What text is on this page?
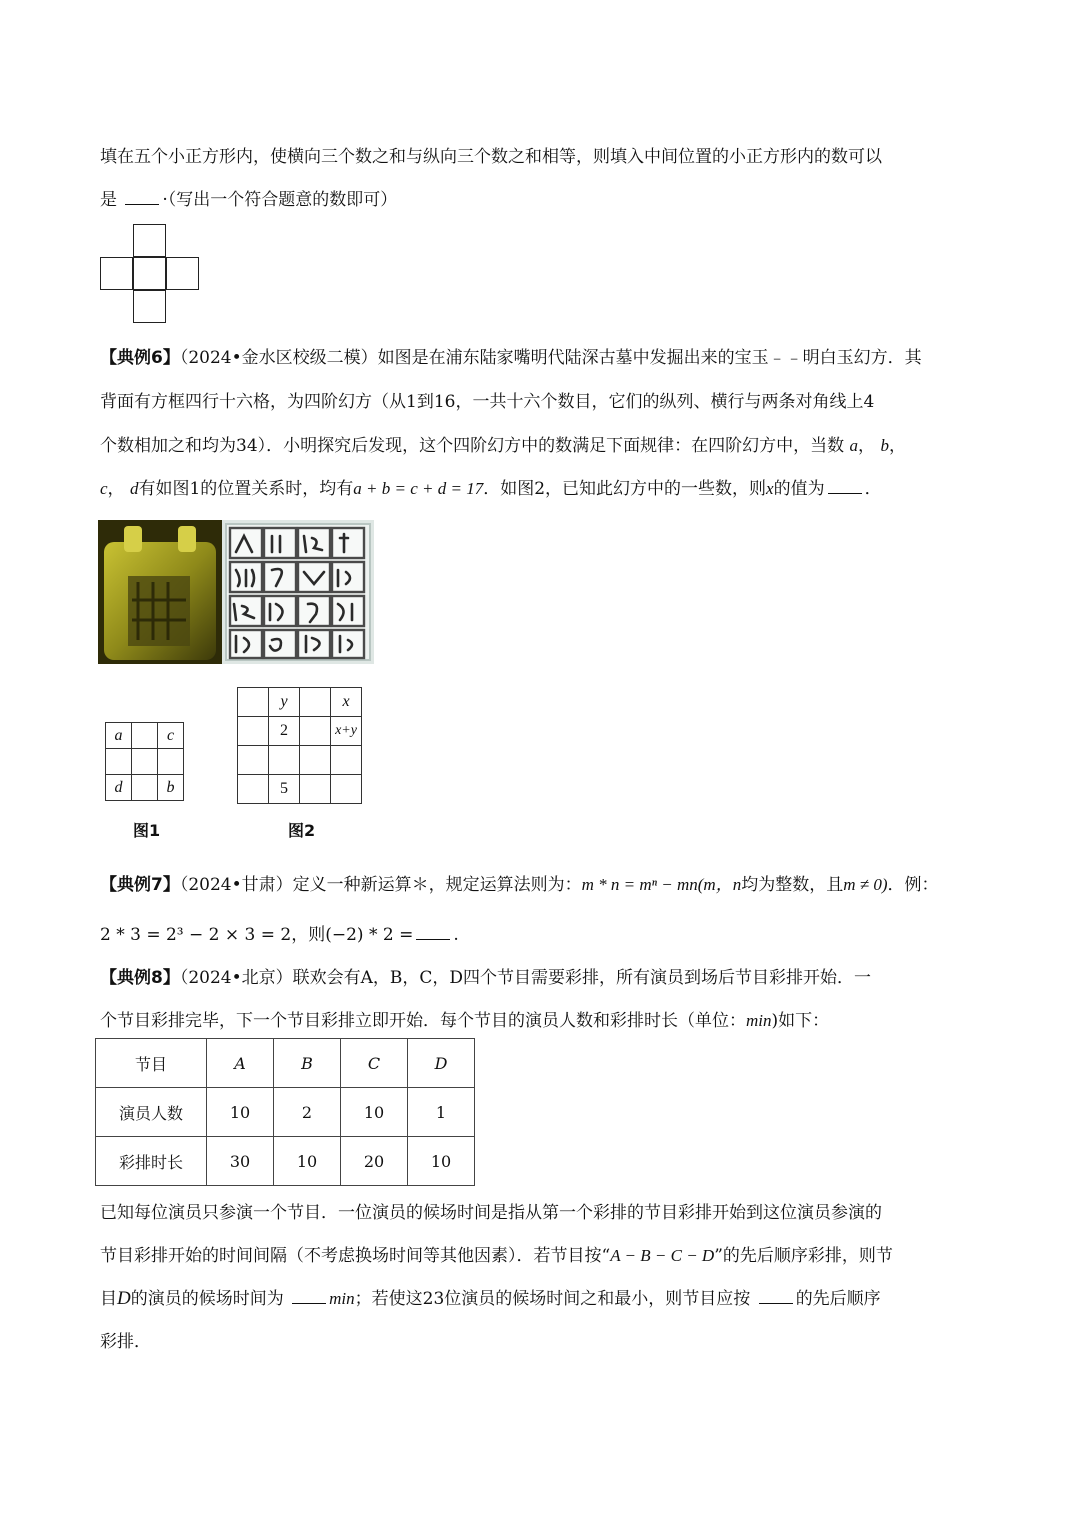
填在五个小正方形内，使横向三个数之和与纵向三个数之和相等，则填入中间位置的小正方形内的数可以
是	·（写出一个符合题意的数即可）
【典例6】（2024•金水区校级二模）如图是在浦东陆家嘴明代陆深古墓中发掘出来的宝玉﹣﹣明白玉幻方．其
背面有方框四行十六格，为四阶幻方（从1到16，一共十六个数目，它们的纵列、横行与两条对角线上4
个数相加之和均为34）．小明探究后发现，这个四阶幻方中的数满足下面规律：在四阶幻方中，当数 a， b，
c， d有如图1的位置关系时，均有a + b = c + d = 17．如图2，已知此幻方中的一些数，则x的值为 ．
a		c

d		b
图1
	y		x
	2		x+y

	5		
图2
【典例7】（2024•甘肃）定义一种新运算＊，规定运算法则为：m * n = mⁿ − mn(m，n均为整数，且m ≠ 0)．例：
2 * 3 = 2³ − 2 × 3 = 2，则(−2) * 2 = .
【典例8】（2024•北京）联欢会有A，B，C，D四个节目需要彩排，所有演员到场后节目彩排开始．一
个节目彩排完毕，下一个节目彩排立即开始．每个节目的演员人数和彩排时长（单位：min)如下：
节目	A	B	C	D
演员人数	10	2	10	1
彩排时长	30	10	20	10
已知每位演员只参演一个节目．一位演员的候场时间是指从第一个彩排的节目彩排开始到这位演员参演的
节目彩排开始的时间间隔（不考虑换场时间等其他因素）．若节目按“A − B − C − D”的先后顺序彩排，则节
目D的演员的候场时间为	min；若使这23位演员的候场时间之和最小，则节目应按	的先后顺序
彩排．
